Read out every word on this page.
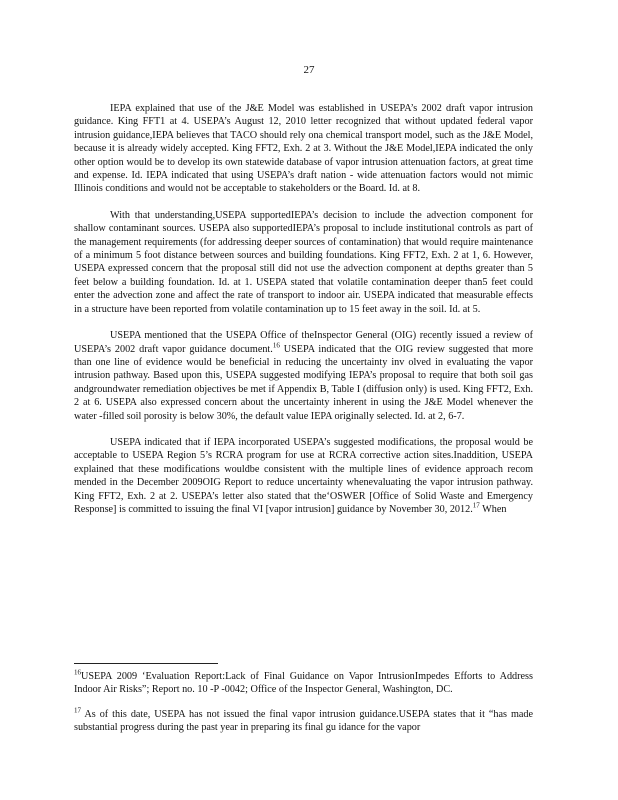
27

IEPA explained that use of the J&E Model was established in USEPA’s 2002 draft vapor intrusion guidance. King FFT1 at 4. USEPA’s August 12, 2010 letter recognized that without updated federal vapor intrusion guidance,IEPA believes that TACO should rely ona chemical transport model, such as the J&E Model, because it is already widely accepted. King FFT2, Exh. 2 at 3. Without the J&E Model,IEPA indicated the only other option would be to develop its own statewide database of vapor intrusion attenuation factors, at great time and expense. Id. IEPA indicated that using USEPA’s draft nation - wide attenuation factors would not mimic Illinois conditions and would not be acceptable to stakeholders or the Board. Id. at 8.

With that understanding,USEPA supportedIEPA’s decision to include the advection component for shallow contaminant sources. USEPA also supportedIEPA’s proposal to include institutional controls as part of the management requirements (for addressing deeper sources of contamination) that would require maintenance of a minimum 5 foot distance between sources and building foundations. King FFT2, Exh. 2 at 1, 6. However, USEPA expressed concern that the proposal still did not use the advection component at depths greater than 5 feet below a building foundation. Id. at 1. USEPA stated that volatile contamination deeper than5 feet could enter the advection zone and affect the rate of transport to indoor air. USEPA indicated that measurable effects in a structure have been reported from volatile contamination up to 15 feet away in the soil. Id. at 5.

USEPA mentioned that the USEPA Office of theInspector General (OIG) recently issued a review of USEPA’s 2002 draft vapor guidance document.$^{16}$ USEPA indicated that the OIG review suggested that more than one line of evidence would be beneficial in reducing the uncertainty inv olved in evaluating the vapor intrusion pathway. Based upon this, USEPA suggested modifying IEPA’s proposal to require that both soil gas andgroundwater remediation objectives be met if Appendix B, Table I (diffusion only) is used. King FFT2, Exh. 2 at 6. USEPA also expressed concern about the uncertainty inherent in using the J&E Model whenever the water -filled soil porosity is below 30%, the default value IEPA originally selected. Id. at 2, 6-7.

USEPA indicated that if IEPA incorporated USEPA’s suggested modifications, the proposal would be acceptable to USEPA Region 5’s RCRA program for use at RCRA corrective action sites.Inaddition, USEPA explained that these modifications wouldbe consistent with the multiple lines of evidence approach recom mended in the December 2009OIG Report to reduce uncertainty whenevaluating the vapor intrusion pathway. King FFT2, Exh. 2 at 2. USEPA’s letter also stated that the‘OSWER [Office of Solid Waste and Emergency Response] is committed to issuing the final VI [vapor intrusion] guidance by November 30, 2012.17 When

$^{16}$USEPA 2009 ‘Evaluation Report:Lack of Final Guidance on Vapor IntrusionImpedes Efforts to Address Indoor Air Risks”; Report no. 10 -P -0042; Office of the Inspector General, Washington, DC.

$^{17}$ As of this date, USEPA has not issued the final vapor intrusion guidance.USEPA states that it “has made substantial progress during the past year in preparing its final gu idance for the vapor
